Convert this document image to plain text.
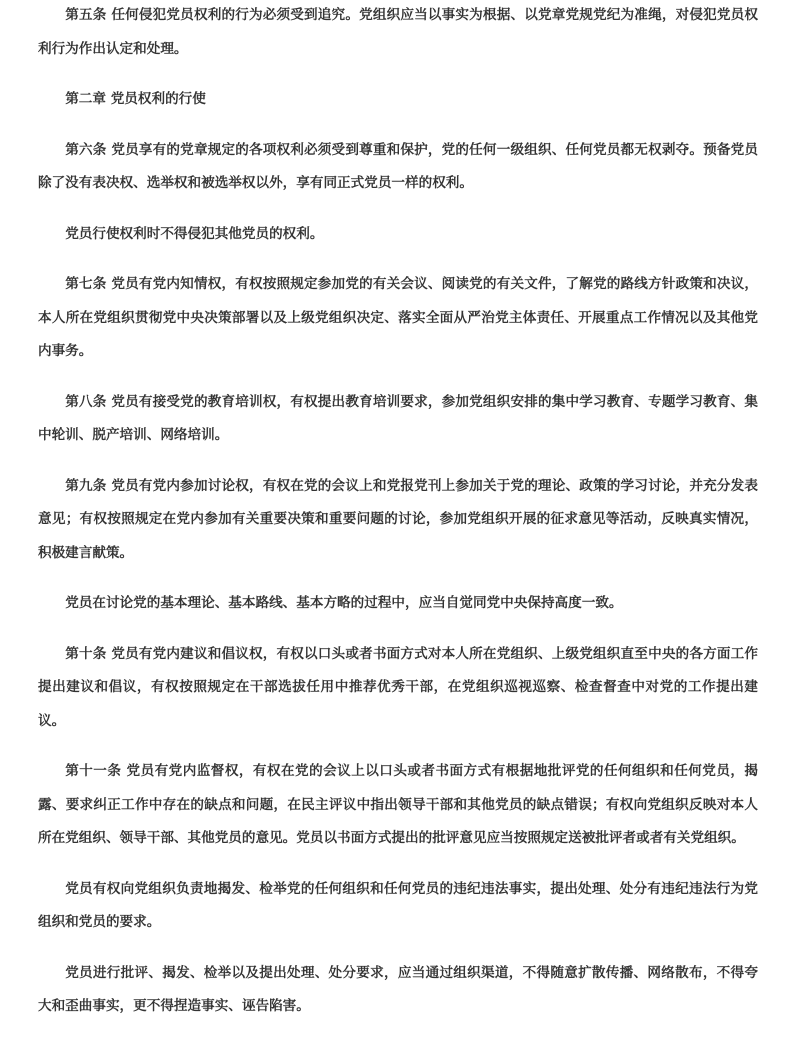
第五条 任何侵犯党员权利的行为必须受到追究。党组织应当以事实为根据、以党章党规党纪为准绳，对侵犯党员权利行为作出认定和处理。

第二章 党员权利的行使

第六条 党员享有的党章规定的各项权利必须受到尊重和保护，党的任何一级组织、任何党员都无权剥夺。预备党员除了没有表决权、选举权和被选举权以外，享有同正式党员一样的权利。

党员行使权利时不得侵犯其他党员的权利。

第七条 党员有党内知情权，有权按照规定参加党的有关会议、阅读党的有关文件，了解党的路线方针政策和决议，本人所在党组织贯彻党中央决策部署以及上级党组织决定、落实全面从严治党主体责任、开展重点工作情况以及其他党内事务。

第八条 党员有接受党的教育培训权，有权提出教育培训要求，参加党组织安排的集中学习教育、专题学习教育、集中轮训、脱产培训、网络培训。

第九条 党员有党内参加讨论权，有权在党的会议上和党报党刊上参加关于党的理论、政策的学习讨论，并充分发表意见；有权按照规定在党内参加有关重要决策和重要问题的讨论，参加党组织开展的征求意见等活动，反映真实情况，积极建言献策。

党员在讨论党的基本理论、基本路线、基本方略的过程中，应当自觉同党中央保持高度一致。

第十条 党员有党内建议和倡议权，有权以口头或者书面方式对本人所在党组织、上级党组织直至中央的各方面工作提出建议和倡议，有权按照规定在干部选拔任用中推荐优秀干部，在党组织巡视巡察、检查督查中对党的工作提出建议。

第十一条 党员有党内监督权，有权在党的会议上以口头或者书面方式有根据地批评党的任何组织和任何党员，揭露、要求纠正工作中存在的缺点和问题，在民主评议中指出领导干部和其他党员的缺点错误；有权向党组织反映对本人所在党组织、领导干部、其他党员的意见。党员以书面方式提出的批评意见应当按照规定送被批评者或者有关党组织。

党员有权向党组织负责地揭发、检举党的任何组织和任何党员的违纪违法事实，提出处理、处分有违纪违法行为党组织和党员的要求。

党员进行批评、揭发、检举以及提出处理、处分要求，应当通过组织渠道，不得随意扩散传播、网络散布，不得夸大和歪曲事实，更不得捏造事实、诬告陷害。
